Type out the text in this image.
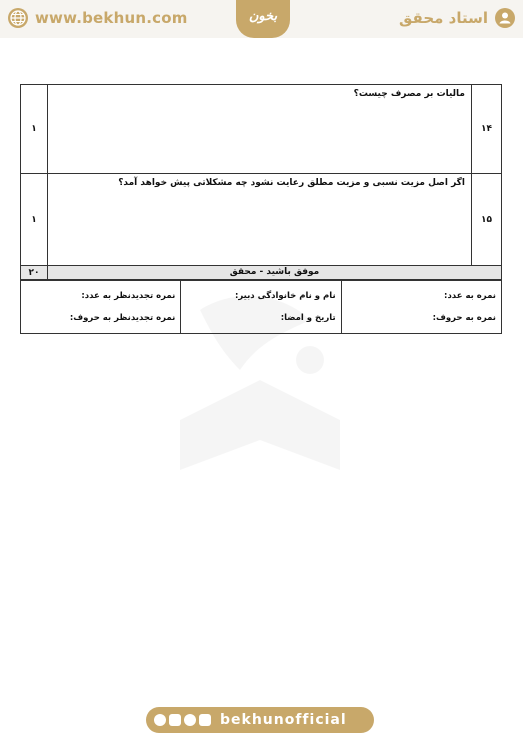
www.bekhun.com	بخون	استاد محقق
۱	مالیات بر مصرف چیست؟	۱۴
۱	اگر اصل مزیت نسبی و مزیت مطلق رعایت نشود چه مشکلاتی پیش خواهد آمد؟	۱۵
۲۰	موفق باشید - محقق	
نمره تجدیدنظر به عدد:
نمره تجدیدنظر به حروف:

نام و نام خانوادگی دبیر:
تاریخ و امضا:

نمره به عدد:
نمره به حروف:
bekhunofficial
